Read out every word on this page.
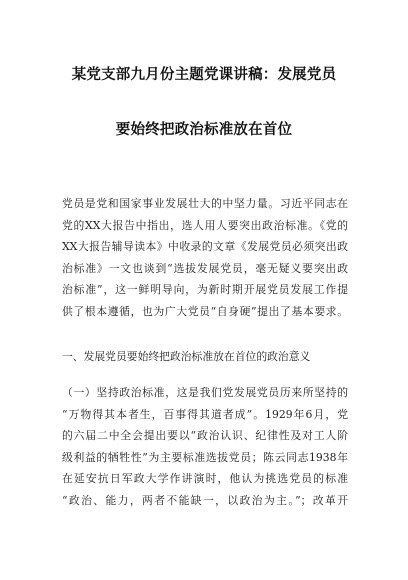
某党支部九月份主题党课讲稿：发展党员
要始终把政治标准放在首位
党员是党和国家事业发展壮大的中坚力量。习近平同志在
党的XX大报告中指出，选人用人要突出政治标准。《党的
XX大报告辅导读本》中收录的文章《发展党员必须突出政
治标准》一文也谈到“选拔发展党员，毫无疑义要突出政
治标准”，这一鲜明导向，为新时期开展党员发展工作提
供了根本遵循，也为广大党员“自身硬”提出了基本要求。
一、发展党员要始终把政治标准放在首位的政治意义
（一）坚持政治标准，这是我们党发展党员历来所坚持的
“万物得其本者生，百事得其道者成”。1929年6月，党
的六届二中全会提出要以“政治认识、纪律性及对工人阶
级利益的牺牲性”为主要标准选拔党员；陈云同志1938年
在延安抗日军政大学作讲演时，他认为挑选党员的标准
“政治、能力，两者不能缺一，以政治为主。”；改革开
